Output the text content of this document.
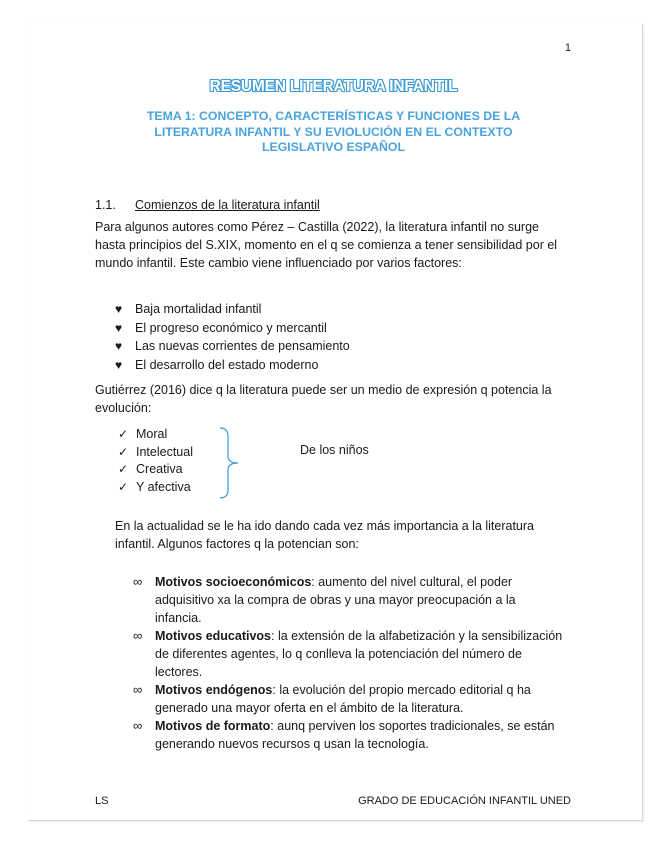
1
RESUMEN LITERATURA INFANTIL
TEMA 1: CONCEPTO, CARACTERÍSTICAS Y FUNCIONES DE LA LITERATURA INFANTIL Y SU EVIOLUCIÓN EN EL CONTEXTO LEGISLATIVO ESPAÑOL
1.1. Comienzos de la literatura infantil
Para algunos autores como Pérez – Castilla (2022), la literatura infantil no surge hasta principios del S.XIX, momento en el q se comienza a tener sensibilidad por el mundo infantil. Este cambio viene influenciado por varios factores:
♥	Baja mortalidad infantil
♥	El progreso económico y mercantil
♥	Las nuevas corrientes de pensamiento
♥	El desarrollo del estado moderno
Gutiérrez (2016) dice q la literatura puede ser un medio de expresión q potencia la evolución:
✓ Moral
✓ Intelectual
✓ Creativa
✓ Y afectiva
De los niños
En la actualidad se le ha ido dando cada vez más importancia a la literatura infantil. Algunos factores q la potencian son:
∞ Motivos socioeconómicos: aumento del nivel cultural, el poder adquisitivo xa la compra de obras y una mayor preocupación a la infancia.
∞ Motivos educativos: la extensión de la alfabetización y la sensibilización de diferentes agentes, lo q conlleva la potenciación del número de lectores.
∞ Motivos endógenos: la evolución del propio mercado editorial q ha generado una mayor oferta en el ámbito de la literatura.
∞ Motivos de formato: aunq perviven los soportes tradicionales, se están generando nuevos recursos q usan la tecnología.
LS	GRADO DE EDUCACIÓN INFANTIL UNED
